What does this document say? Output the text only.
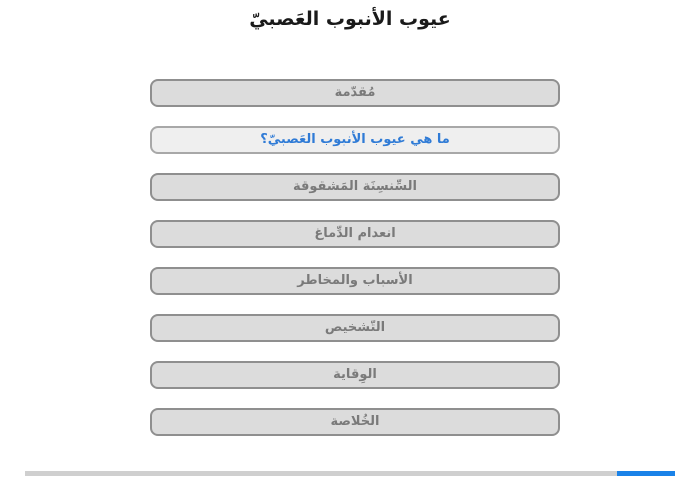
عيوب الأنبوب العَصبيّ
مُقدّمة
ما هي عيوب الأنبوب العَصبيّ؟
السِّنسِنَة المَشقوقة
انعدام الدِّماغ
الأسباب والمخاطر
التّشخيص
الوِقاية
الخُلاصة
